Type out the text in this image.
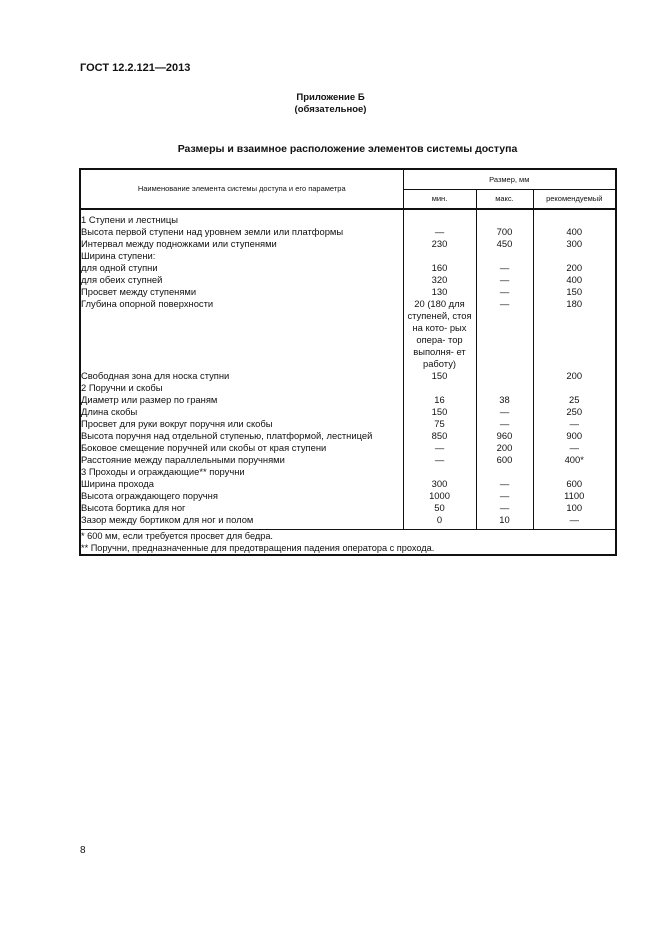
ГОСТ 12.2.121—2013
Приложение Б
(обязательное)
Размеры и взаимное расположение элементов системы доступа
Наименование элемента системы доступа и его параметра	Размер, мм		
	мин.	макс.	рекомендуемый
1 Ступени и лестницы			
Высота первой ступени над уровнем земли или платформы	—	700	400
Интервал между подножками или ступенями	230	450	300
Ширина ступени:			
для одной ступни	160	—	200
для обеих ступней	320	—	400
Просвет между ступенями	130	—	150
Глубина опорной поверхности	20 (180 для ступеней, стоя на кото- рых опера- тор выполня- ет работу)	—	180
Свободная зона для носка ступни	150		200
2 Поручни и скобы			
Диаметр или размер по граням	16	38	25
Длина скобы	150	—	250
Просвет для руки вокруг поручня или скобы	75	—	—
Высота поручня над отдельной ступенью, платформой, лестницей	850	960	900
Боковое смещение поручней или скобы от края ступени	—	200	—
Расстояние между параллельными поручнями	—	600	400*
3 Проходы и ограждающие** поручни			
Ширина прохода	300	—	600
Высота ограждающего поручня	1000	—	1100
Высота бортика для ног	50	—	100
Зазор между бортиком для ног и полом	0	10	—

* 600 мм, если требуется просвет для бедра.
** Поручни, предназначенные для предотвращения падения оператора с прохода.			
8
